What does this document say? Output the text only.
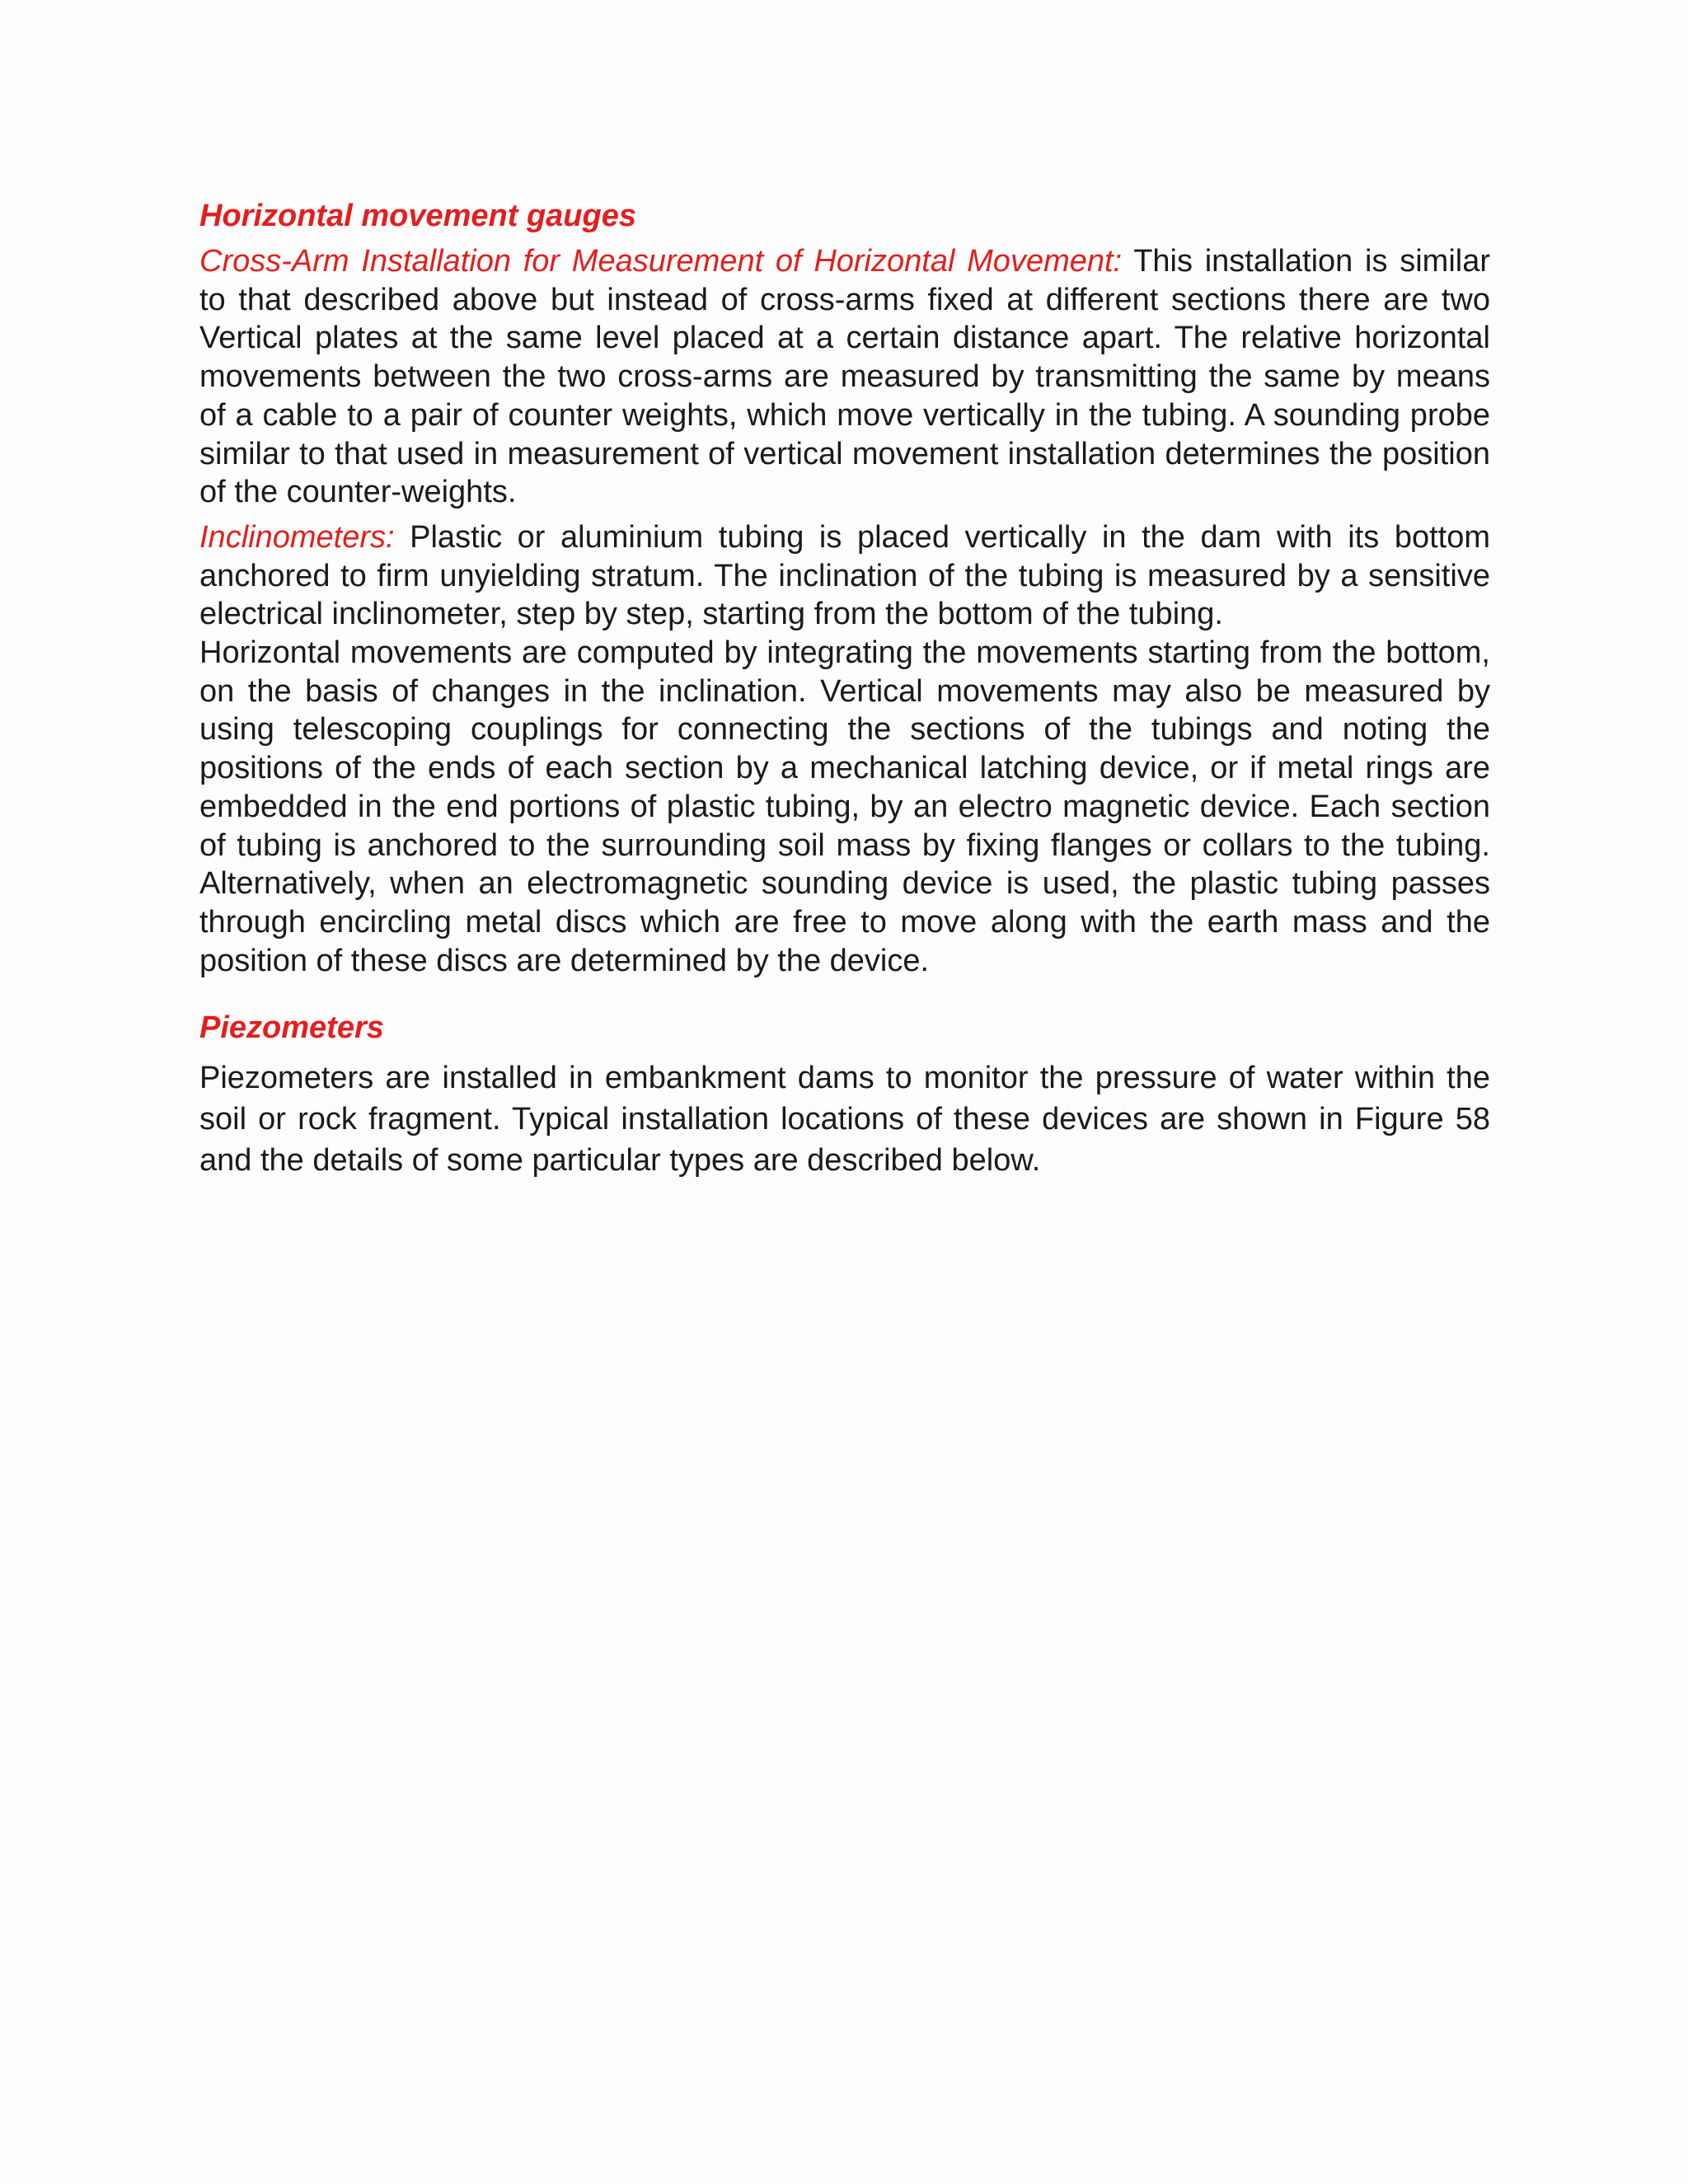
Horizontal movement gauges

Cross-Arm Installation for Measurement of Horizontal Movement: This installation is similar to that described above but instead of cross-arms fixed at different sections there are two Vertical plates at the same level placed at a certain distance apart. The relative horizontal movements between the two cross-arms are measured by transmitting the same by means of a cable to a pair of counter weights, which move vertically in the tubing. A sounding probe similar to that used in measurement of vertical movement installation determines the position of the counter-weights.

Inclinometers: Plastic or aluminium tubing is placed vertically in the dam with its bottom anchored to firm unyielding stratum. The inclination of the tubing is measured by a sensitive electrical inclinometer, step by step, starting from the bottom of the tubing.

Horizontal movements are computed by integrating the movements starting from the bottom, on the basis of changes in the inclination. Vertical movements may also be measured by using telescoping couplings for connecting the sections of the tubings and noting the positions of the ends of each section by a mechanical latching device, or if metal rings are embedded in the end portions of plastic tubing, by an electro magnetic device. Each section of tubing is anchored to the surrounding soil mass by fixing flanges or collars to the tubing. Alternatively, when an electromagnetic sounding device is used, the plastic tubing passes through encircling metal discs which are free to move along with the earth mass and the position of these discs are determined by the device.

Piezometers

Piezometers are installed in embankment dams to monitor the pressure of water within the soil or rock fragment. Typical installation locations of these devices are shown in Figure 58 and the details of some particular types are described below.
